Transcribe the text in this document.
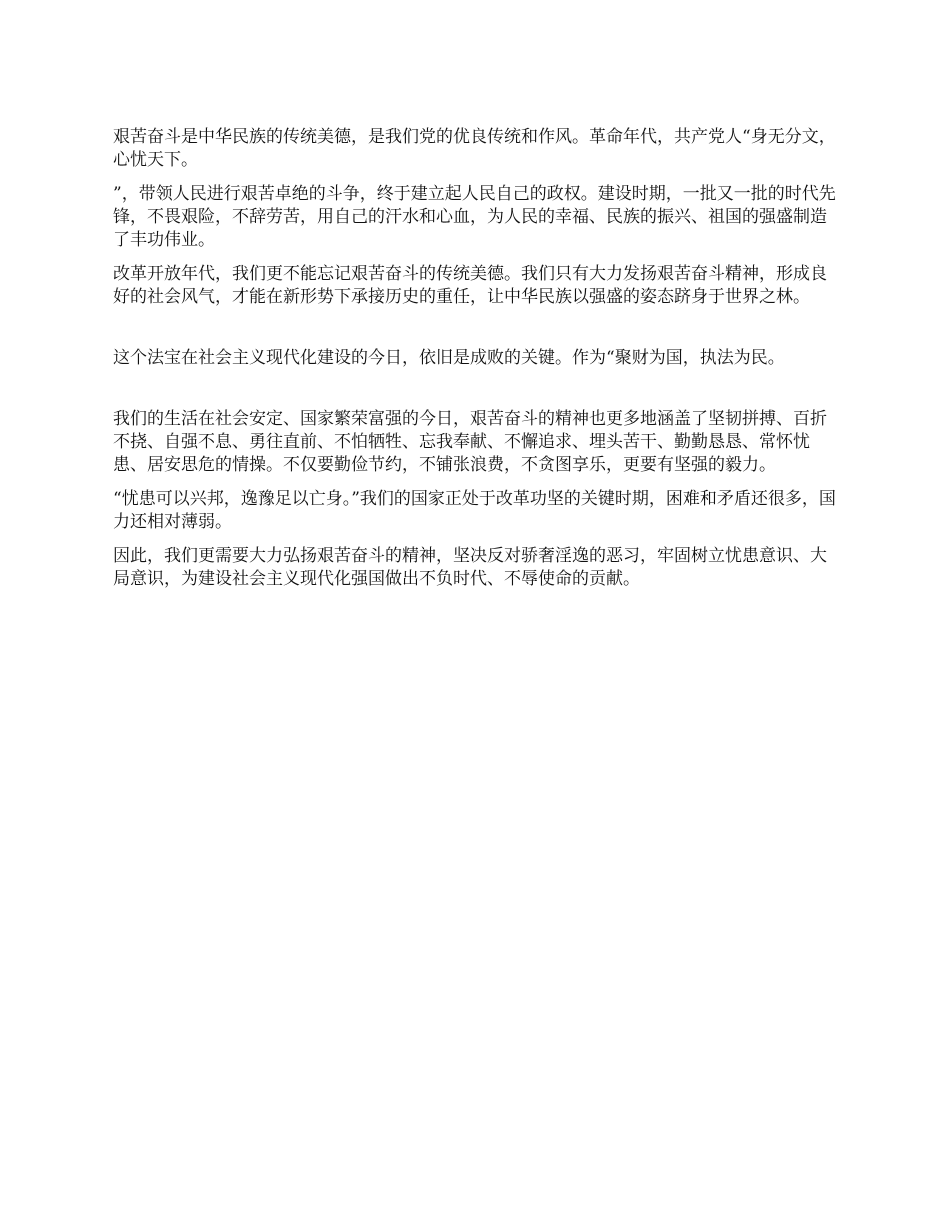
艰苦奋斗是中华民族的传统美德，是我们党的优良传统和作风。革命年代，共产党人“身无分文，心忧天下。

”，带领人民进行艰苦卓绝的斗争，终于建立起人民自己的政权。建设时期，一批又一批的时代先锋，不畏艰险，不辞劳苦，用自己的汗水和心血，为人民的幸福、民族的振兴、祖国的强盛制造了丰功伟业。

改革开放年代，我们更不能忘记艰苦奋斗的传统美德。我们只有大力发扬艰苦奋斗精神，形成良好的社会风气，才能在新形势下承接历史的重任，让中华民族以强盛的姿态跻身于世界之林。

这个法宝在社会主义现代化建设的今日，依旧是成败的关键。作为“聚财为国，执法为民。

我们的生活在社会安定、国家繁荣富强的今日，艰苦奋斗的精神也更多地涵盖了坚韧拼搏、百折不挠、自强不息、勇往直前、不怕牺牲、忘我奉献、不懈追求、埋头苦干、勤勤恳恳、常怀忧患、居安思危的情操。不仅要勤俭节约，不铺张浪费，不贪图享乐，更要有坚强的毅力。

“忧患可以兴邦，逸豫足以亡身。”我们的国家正处于改革功坚的关键时期，困难和矛盾还很多，国力还相对薄弱。

因此，我们更需要大力弘扬艰苦奋斗的精神，坚决反对骄奢淫逸的恶习，牢固树立忧患意识、大局意识，为建设社会主义现代化强国做出不负时代、不辱使命的贡献。
